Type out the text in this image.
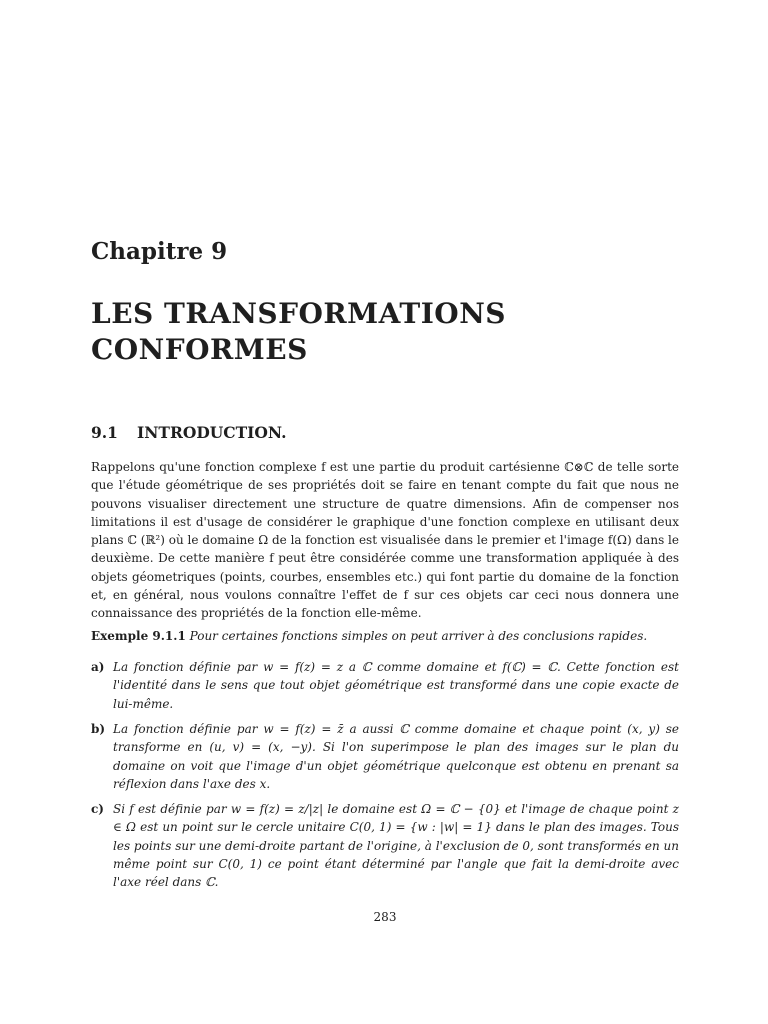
Chapitre 9
LES TRANSFORMATIONS
CONFORMES
9.1 INTRODUCTION.

Rappelons qu'une fonction complexe f est une partie du produit cartésienne ℂ⊗ℂ de telle sorte que l'étude géométrique de ses propriétés doit se faire en tenant compte du fait que nous ne pouvons visualiser directement une structure de quatre dimensions. Afin de compenser nos limitations il est d'usage de considérer le graphique d'une fonction complexe en utilisant deux plans ℂ (ℝ²) où le domaine Ω de la fonction est visualisée dans le premier et l'image f(Ω) dans le deuxième. De cette manière f peut être considérée comme une transformation appliquée à des objets géometriques (points, courbes, ensembles etc.) qui font partie du domaine de la fonction et, en général, nous voulons connaître l'effet de f sur ces objets car ceci nous donnera une connaissance des propriétés de la fonction elle-même.

Exemple 9.1.1 Pour certaines fonctions simples on peut arriver à des conclusions rapides.

a) La fonction définie par w = f(z) = z a ℂ comme domaine et f(ℂ) = ℂ. Cette fonction est l'identité dans le sens que tout objet géométrique est transformé dans une copie exacte de lui-même.
b) La fonction définie par w = f(z) = z̄ a aussi ℂ comme domaine et chaque point (x, y) se transforme en (u, v) = (x, −y). Si l'on superimpose le plan des images sur le plan du domaine on voit que l'image d'un objet géométrique quelconque est obtenu en prenant sa réflexion dans l'axe des x.
c) Si f est définie par w = f(z) = z/|z| le domaine est Ω = ℂ − {0} et l'image de chaque point z ∈ Ω est un point sur le cercle unitaire C(0, 1) = {w : |w| = 1} dans le plan des images. Tous les points sur une demi-droite partant de l'origine, à l'exclusion de 0, sont transformés en un même point sur C(0, 1) ce point étant déterminé par l'angle que fait la demi-droite avec l'axe réel dans ℂ.
283
